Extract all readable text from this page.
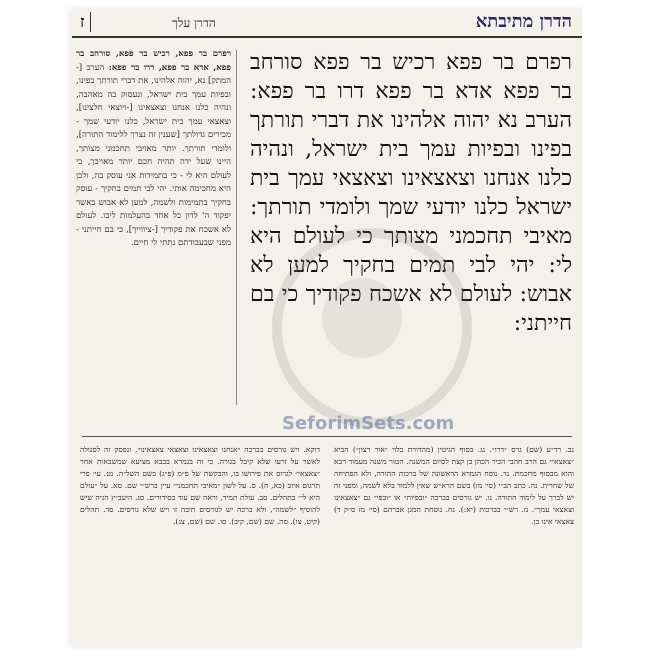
הדרן מתיבתא
הדרן עלך
ז
רפרם בר פפא רכיש בר פפא סורחב בר פפא אדא בר פפא דרו בר פפא: הערב נא יהוה אלהינו את דברי תורתך בפינו ובפיות עמך בית ישראל, ונהיה כלנו אנחנו וצאצאינו וצאצאי עמך בית ישראל כלנו יודעי שמך ולומדי תורתך: מאיבי תחכמני מצותך כי לעולם היא לי: יהי לבי תמים בחקיך למען לא אבוש: לעולם לא אשכח פקודיך כי בם חייתני:
רפרם בר פפא, רכיש בר פפא, סורחב בר פפא, אדא בר פפא, דרו בר פפא: הערב [-המתק] נא, יהוה אלהינו, את דברי תורתך בפינו, ובפיות עמך בית ישראל, ונעסוק בה מאהבה, ונהיה כלנו אנחנו וצאצאינו [-ויוצאי חלצינו], וצאצאי עמך בית ישראל, כלנו יודעי שמך - מכירים גדולתך [שענין זה נצרך ללימוד התורה], ולומדי תורתך. יותר מאויבי תחכמני מצותך, היינו שעל ידה תהיה חכם יותר מאויבך, כי לעולם היא לי - כי בתמידות אני עוסק בה, ולכן היא מחכימה אותי. יהי לבי תמים בחקיך - עוסק בחקיך בתמימות ולשמה, למען לא אבוש כאשר יפקוד ה' לדון כל אחד בהעלמות ליבו. לעולם לא אשכח את פקודיך [-ציווייך], כי בם חייתני - מפני שבעבודתם נתתי לי חיים.
SeforimSets.com
נב. רד״ע (שם) גרס ״דרו״. נג. בסוף הגיטין (מהדורת בלוי ״אור רצון״) הביא ״צאצאי״ גם הרב חהבי הכיר הכהן בן קצת לסיום המשנה. הטור משנה מעמוד רבא והוא מבסוף מחכמת. נד. נוסח הגמרא הראשונה של ברכות התורה, ולא הפתיחה של שחרית. נה. כתב הב״י (סי׳ מז) בשם הרא״ש שאין ללמוד בלא לשמה, ומפני זה יש לברך על לימוד התורה. נו. יש גורסים בברכה ״ובפיות״ או ״ובפי״ גם ״צאצאינו וצאצאי עמך״. נז. רש״י בברכות (יא:). נח. נוסחת המגן אברהם (סי׳ מז ס״ק ד) צאצאי אינו בן.
דוקא. ויש גורסים בברכה ״אנחנו וצאצאינו וצאצאי צאצאינו״, ונפסק זה לסגולה לאשר על זרעו שלא קיבל בגורה. כי זה בגמרא בבבא מציעא שמשבאות אחר ״צאצאי״ לגרוס את פירושו בו, והבקשת של פ״מ (פ״ג) בשם השל״ה. נט. עי׳ פרי תרגום איוב (כא, ח). ס. על לשון ״מאיבי תחכמני״ עיין ברש״י שם. סא. על ״עולם היא לי״ בתהלים. סב. עולת תמיד, וראה שם עוד בסידורים. סג. היעב״ץ הגיה שיש להוסיף ״לשמה״, ולא ברכה יש לגורסים תיבה זו ויש שלא גורסים. סד. תהלים (קיט, צו). סה. שם (שם, קיב). סו. שם (שם, צג).
